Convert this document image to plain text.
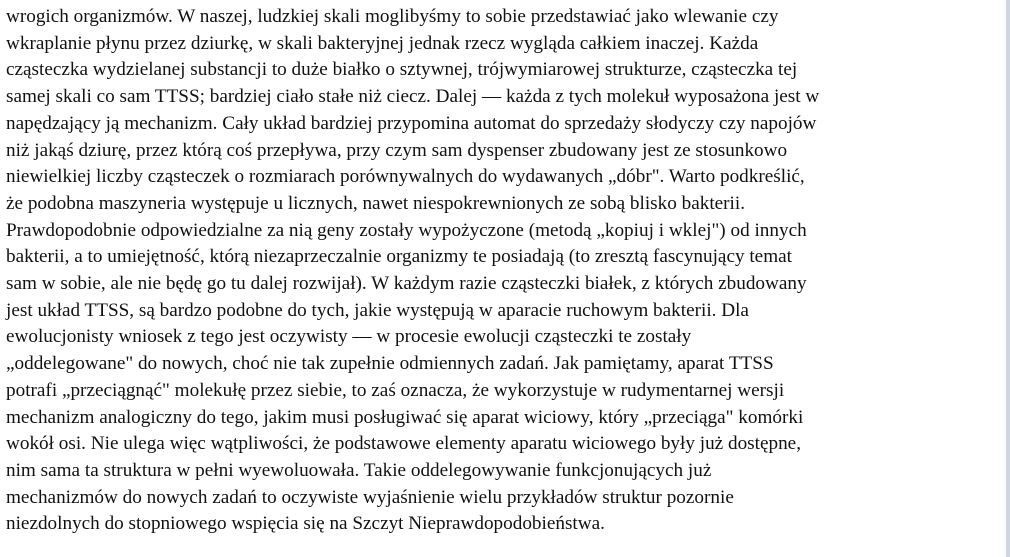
wrogich organizmów. W naszej, ludzkiej skali moglibyśmy to sobie przedstawiać jako wlewanie czy
wkraplanie płynu przez dziurkę, w skali bakteryjnej jednak rzecz wygląda całkiem inaczej. Każda
cząsteczka wydzielanej substancji to duże białko o sztywnej, trójwymiarowej strukturze, cząsteczka tej
samej skali co sam TTSS; bardziej ciało stałe niż ciecz. Dalej — każda z tych molekuł wyposażona jest w
napędzający ją mechanizm. Cały układ bardziej przypomina automat do sprzedaży słodyczy czy napojów
niż jakąś dziurę, przez którą coś przepływa, przy czym sam dyspenser zbudowany jest ze stosunkowo
niewielkiej liczby cząsteczek o rozmiarach porównywalnych do wydawanych „dóbr". Warto podkreślić,
że podobna maszyneria występuje u licznych, nawet niespokrewnionych ze sobą blisko bakterii.
Prawdopodobnie odpowiedzialne za nią geny zostały wypożyczone (metodą „kopiuj i wklej") od innych
bakterii, a to umiejętność, którą niezaprzeczalnie organizmy te posiadają (to zresztą fascynujący temat
sam w sobie, ale nie będę go tu dalej rozwijał). W każdym razie cząsteczki białek, z których zbudowany
jest układ TTSS, są bardzo podobne do tych, jakie występują w aparacie ruchowym bakterii. Dla
ewolucjonisty wniosek z tego jest oczywisty — w procesie ewolucji cząsteczki te zostały
„oddelegowane" do nowych, choć nie tak zupełnie odmiennych zadań. Jak pamiętamy, aparat TTSS
potrafi „przeciągnąć" molekułę przez siebie, to zaś oznacza, że wykorzystuje w rudymentarnej wersji
mechanizm analogiczny do tego, jakim musi posługiwać się aparat wiciowy, który „przeciąga" komórki
wokół osi. Nie ulega więc wątpliwości, że podstawowe elementy aparatu wiciowego były już dostępne,
nim sama ta struktura w pełni wyewoluowała. Takie oddelegowywanie funkcjonujących już
mechanizmów do nowych zadań to oczywiste wyjaśnienie wielu przykładów struktur pozornie
niezdolnych do stopniowego wspięcia się na Szczyt Nieprawdopodobieństwa.
